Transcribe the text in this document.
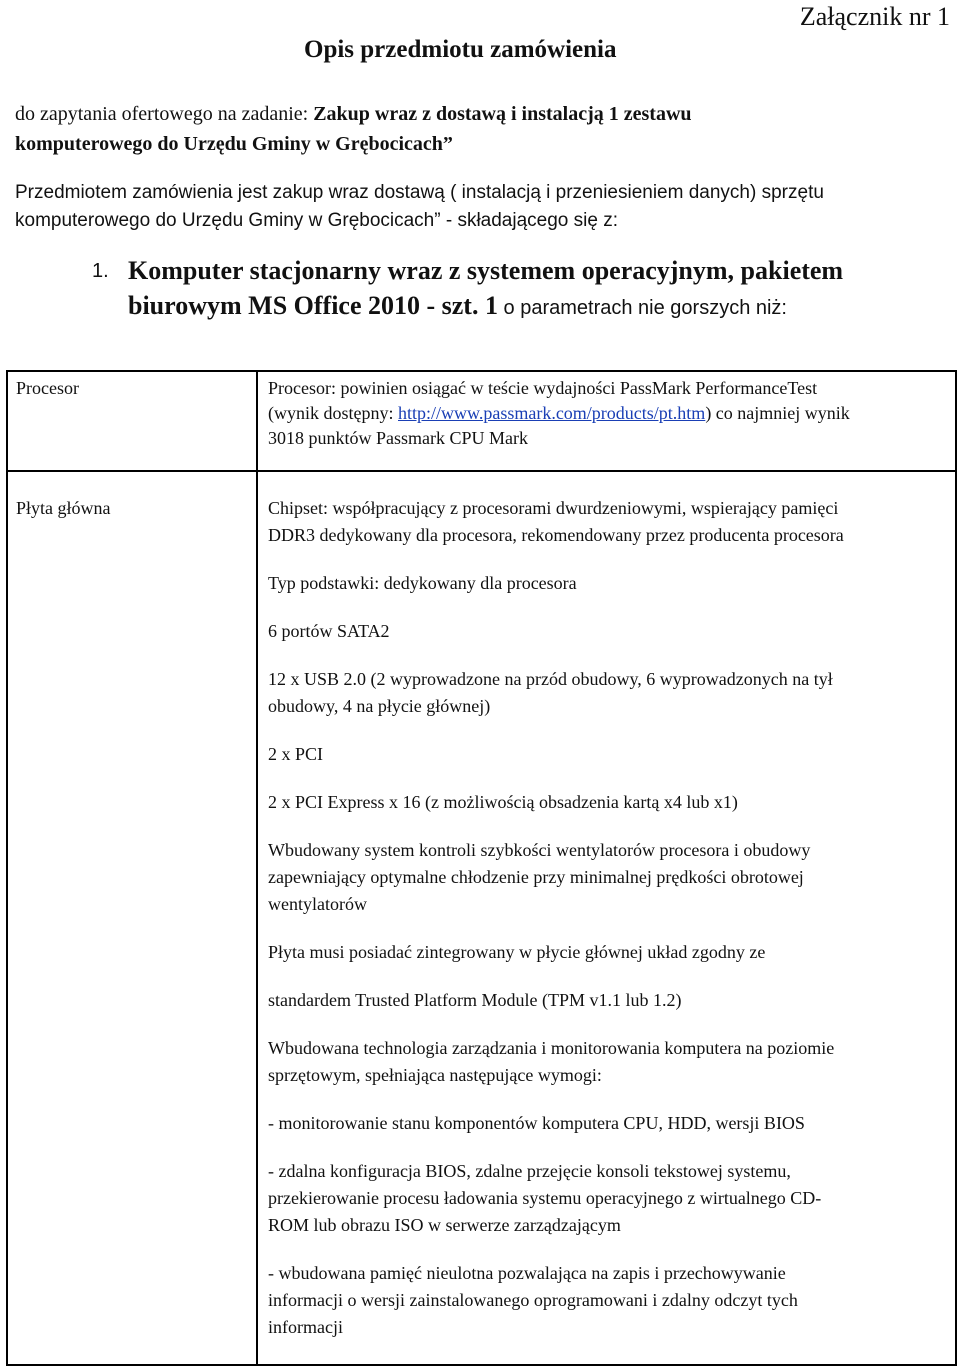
Załącznik nr 1
Opis przedmiotu zamówienia
do zapytania ofertowego na zadanie: Zakup wraz z dostawą i instalacją 1 zestawu
komputerowego do Urzędu Gminy w Grębocicach”
Przedmiotem zamówienia jest zakup wraz dostawą ( instalacją i przeniesieniem danych) sprzętu
komputerowego do Urzędu Gminy w Grębocicach” - składającego się z:
1. Komputer stacjonarny wraz z systemem operacyjnym, pakietem
biurowym MS Office 2010 - szt. 1 o parametrach nie gorszych niż:
Procesor	Procesor: powinien osiągać w teście wydajności PassMark PerformanceTest

(wynik dostępny: http://www.passmark.com/products/pt.htm) co najmniej wynik

3018 punktów Passmark CPU Mark

Płyta główna	Chipset: współpracujący z procesorami dwurdzeniowymi, wspierający pamięci
DDR3 dedykowany dla procesora, rekomendowany przez producenta procesora

Typ podstawki: dedykowany dla procesora

6 portów SATA2

12 x USB 2.0 (2 wyprowadzone na przód obudowy, 6 wyprowadzonych na tył
obudowy, 4 na płycie głównej)

2 x PCI

2 x PCI Express x 16 (z możliwością obsadzenia kartą x4 lub x1)

Wbudowany system kontroli szybkości wentylatorów procesora i obudowy
zapewniający optymalne chłodzenie przy minimalnej prędkości obrotowej
wentylatorów

Płyta musi posiadać zintegrowany w płycie głównej układ zgodny ze

standardem Trusted Platform Module (TPM v1.1 lub 1.2)

Wbudowana technologia zarządzania i monitorowania komputera na poziomie
sprzętowym, spełniająca następujące wymogi:

- monitorowanie stanu komponentów komputera CPU, HDD, wersji BIOS

- zdalna konfiguracja BIOS, zdalne przejęcie konsoli tekstowej systemu,
przekierowanie procesu ładowania systemu operacyjnego z wirtualnego CD-
ROM lub obrazu ISO w serwerze zarządzającym

- wbudowana pamięć nieulotna pozwalająca na zapis i przechowywanie
informacji o wersji zainstalowanego oprogramowani i zdalny odczyt tych
informacji
